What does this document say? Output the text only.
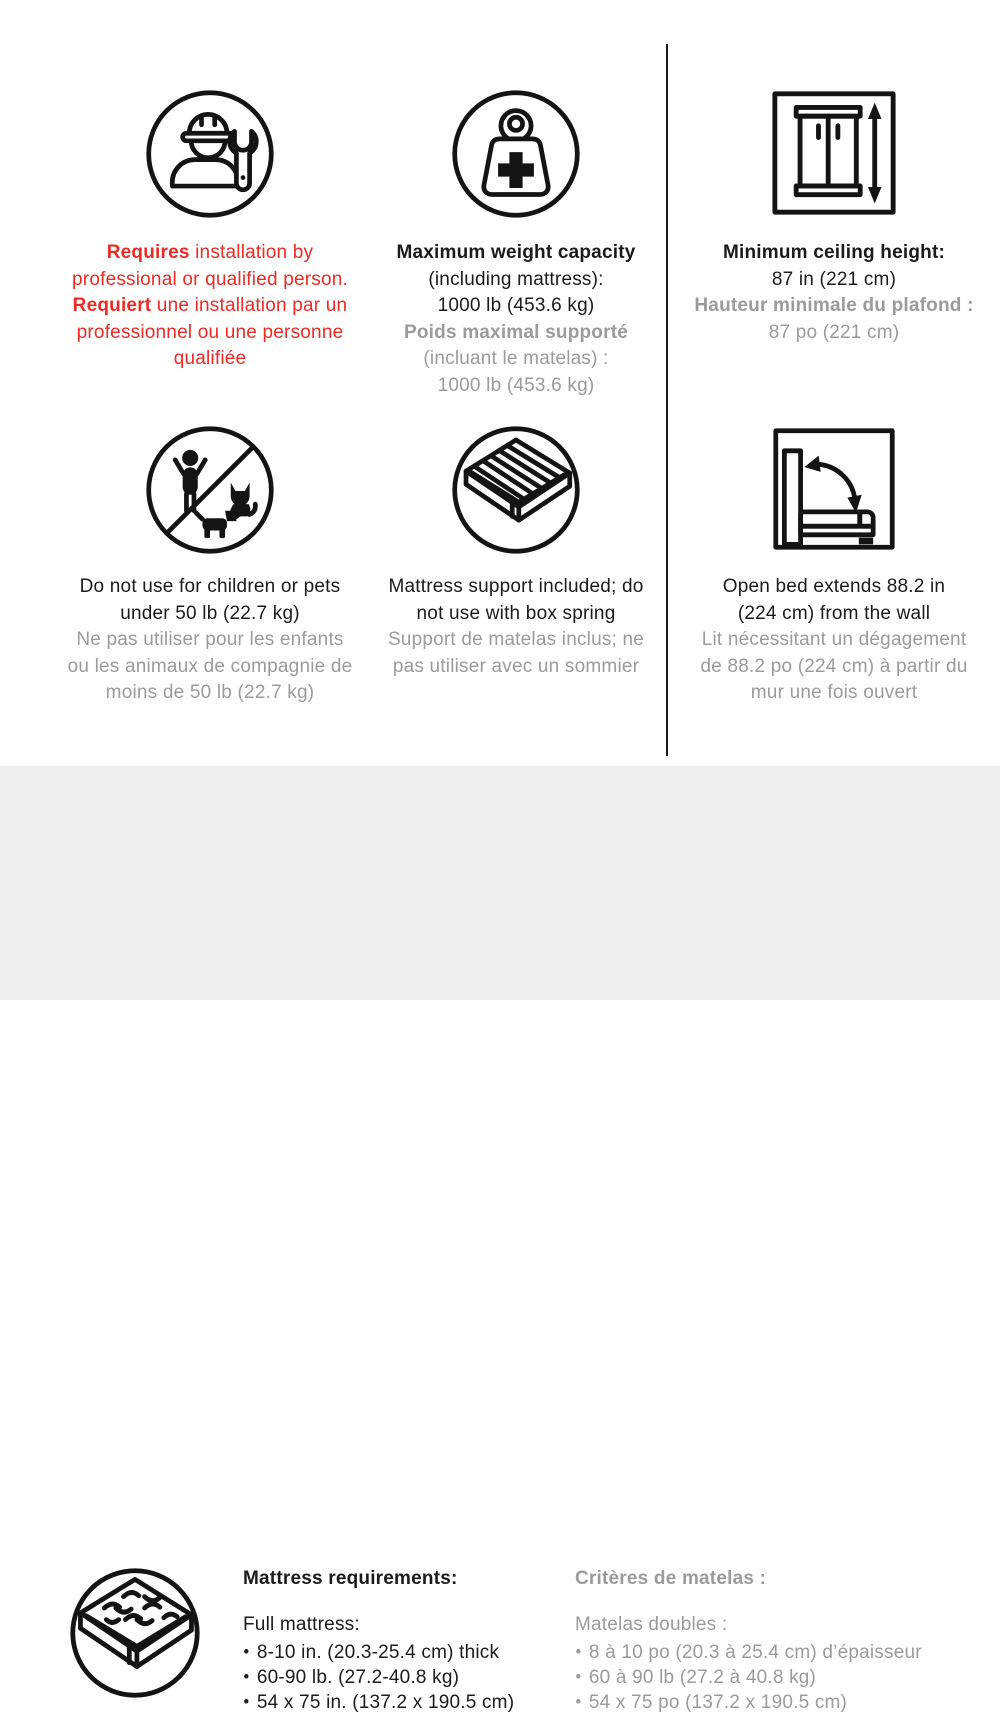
Requires installation by
professional or qualified person.
Requiert une installation par un
professionnel ou une personne
qualifiée
Maximum weight capacity
(including mattress):
1000 lb (453.6 kg)
Poids maximal supporté
(incluant le matelas) :
1000 lb (453.6 kg)
Minimum ceiling height:
87 in (221 cm)
Hauteur minimale du plafond :
87 po (221 cm)
Do not use for children or pets
under 50 lb (22.7 kg)
Ne pas utiliser pour les enfants
ou les animaux de compagnie de
moins de 50 lb (22.7 kg)
Mattress support included; do
not use with box spring
Support de matelas inclus; ne
pas utiliser avec un sommier
Open bed extends 88.2 in
(224 cm) from the wall
Lit nécessitant un dégagement
de 88.2 po (224 cm) à partir du
mur une fois ouvert
Mattress requirements:
Full mattress:
• 8-10 in. (20.3-25.4 cm) thick
• 60-90 lb. (27.2-40.8 kg)
• 54 x 75 in. (137.2 x 190.5 cm)
Critères de matelas :
Matelas doubles :
• 8 à 10 po (20.3 à 25.4 cm) d’épaisseur
• 60 à 90 lb (27.2 à 40.8 kg)
• 54 x 75 po (137.2 x 190.5 cm)
